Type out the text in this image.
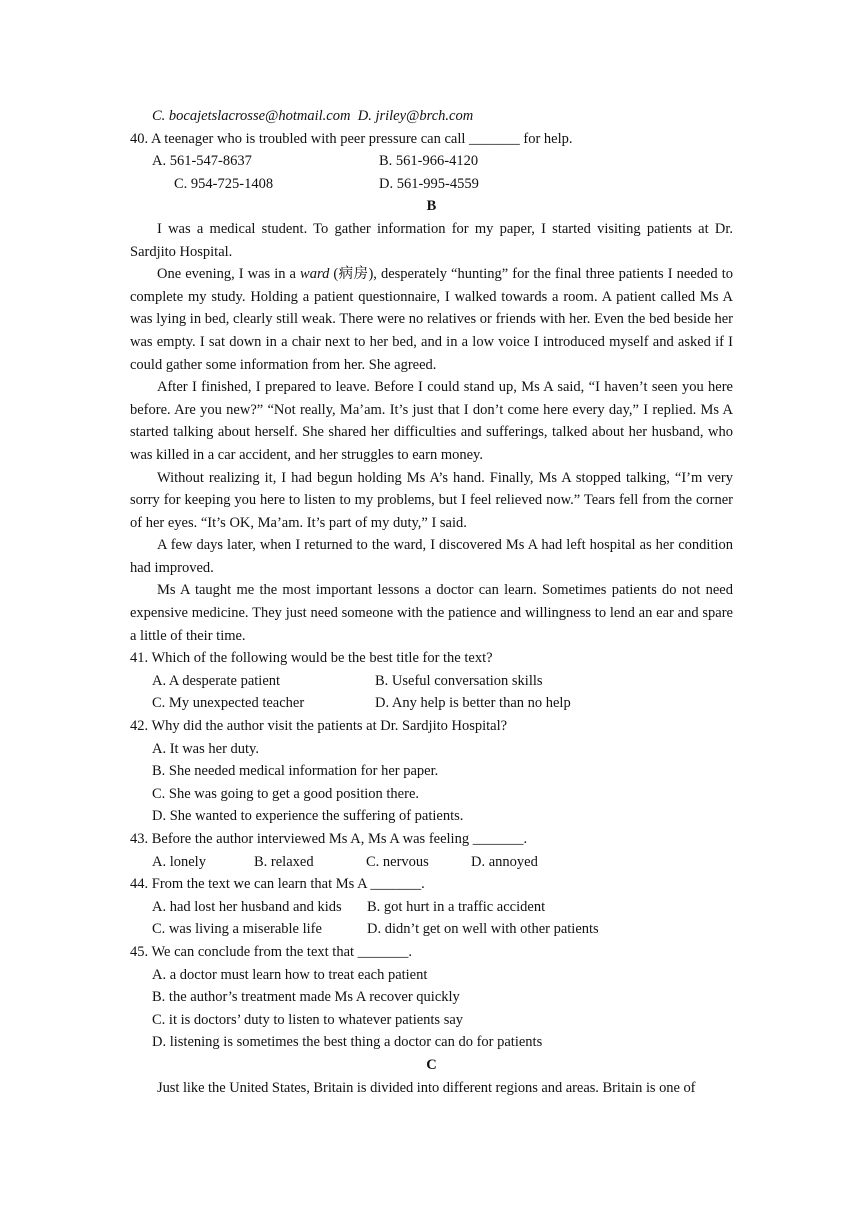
C. bocajetslacrosse@hotmail.com D. jriley@brch.com
40. A teenager who is troubled with peer pressure can call _______ for help.
A. 561-547-8637	B. 561-966-4120
C. 954-725-1408	D. 561-995-4559
B

I was a medical student. To gather information for my paper, I started visiting patients at Dr. Sardjito Hospital.

One evening, I was in a ward (病房), desperately “hunting” for the final three patients I needed to complete my study. Holding a patient questionnaire, I walked towards a room. A patient called Ms A was lying in bed, clearly still weak. There were no relatives or friends with her. Even the bed beside her was empty. I sat down in a chair next to her bed, and in a low voice I introduced myself and asked if I could gather some information from her. She agreed.

After I finished, I prepared to leave. Before I could stand up, Ms A said, “I haven’t seen you here before. Are you new?” “Not really, Ma’am. It’s just that I don’t come here every day,” I replied. Ms A started talking about herself. She shared her difficulties and sufferings, talked about her husband, who was killed in a car accident, and her struggles to earn money.

Without realizing it, I had begun holding Ms A’s hand. Finally, Ms A stopped talking, “I’m very sorry for keeping you here to listen to my problems, but I feel relieved now.” Tears fell from the corner of her eyes. “It’s OK, Ma’am. It’s part of my duty,” I said.

A few days later, when I returned to the ward, I discovered Ms A had left hospital as her condition had improved.

Ms A taught me the most important lessons a doctor can learn. Sometimes patients do not need expensive medicine. They just need someone with the patience and willingness to lend an ear and spare a little of their time.

41. Which of the following would be the best title for the text?
A. A desperate patient	B. Useful conversation skills
C. My unexpected teacher	D. Any help is better than no help
42. Why did the author visit the patients at Dr. Sardjito Hospital?
A. It was her duty.
B. She needed medical information for her paper.
C. She was going to get a good position there.
D. She wanted to experience the suffering of patients.
43. Before the author interviewed Ms A, Ms A was feeling _______.
A. lonely	B. relaxed	C. nervous	D. annoyed
44. From the text we can learn that Ms A _______.
A. had lost her husband and kids	B. got hurt in a traffic accident
C. was living a miserable life	D. didn’t get on well with other patients
45. We can conclude from the text that _______.
A. a doctor must learn how to treat each patient
B. the author’s treatment made Ms A recover quickly
C. it is doctors’ duty to listen to whatever patients say
D. listening is sometimes the best thing a doctor can do for patients
C
Just like the United States, Britain is divided into different regions and areas. Britain is one of
